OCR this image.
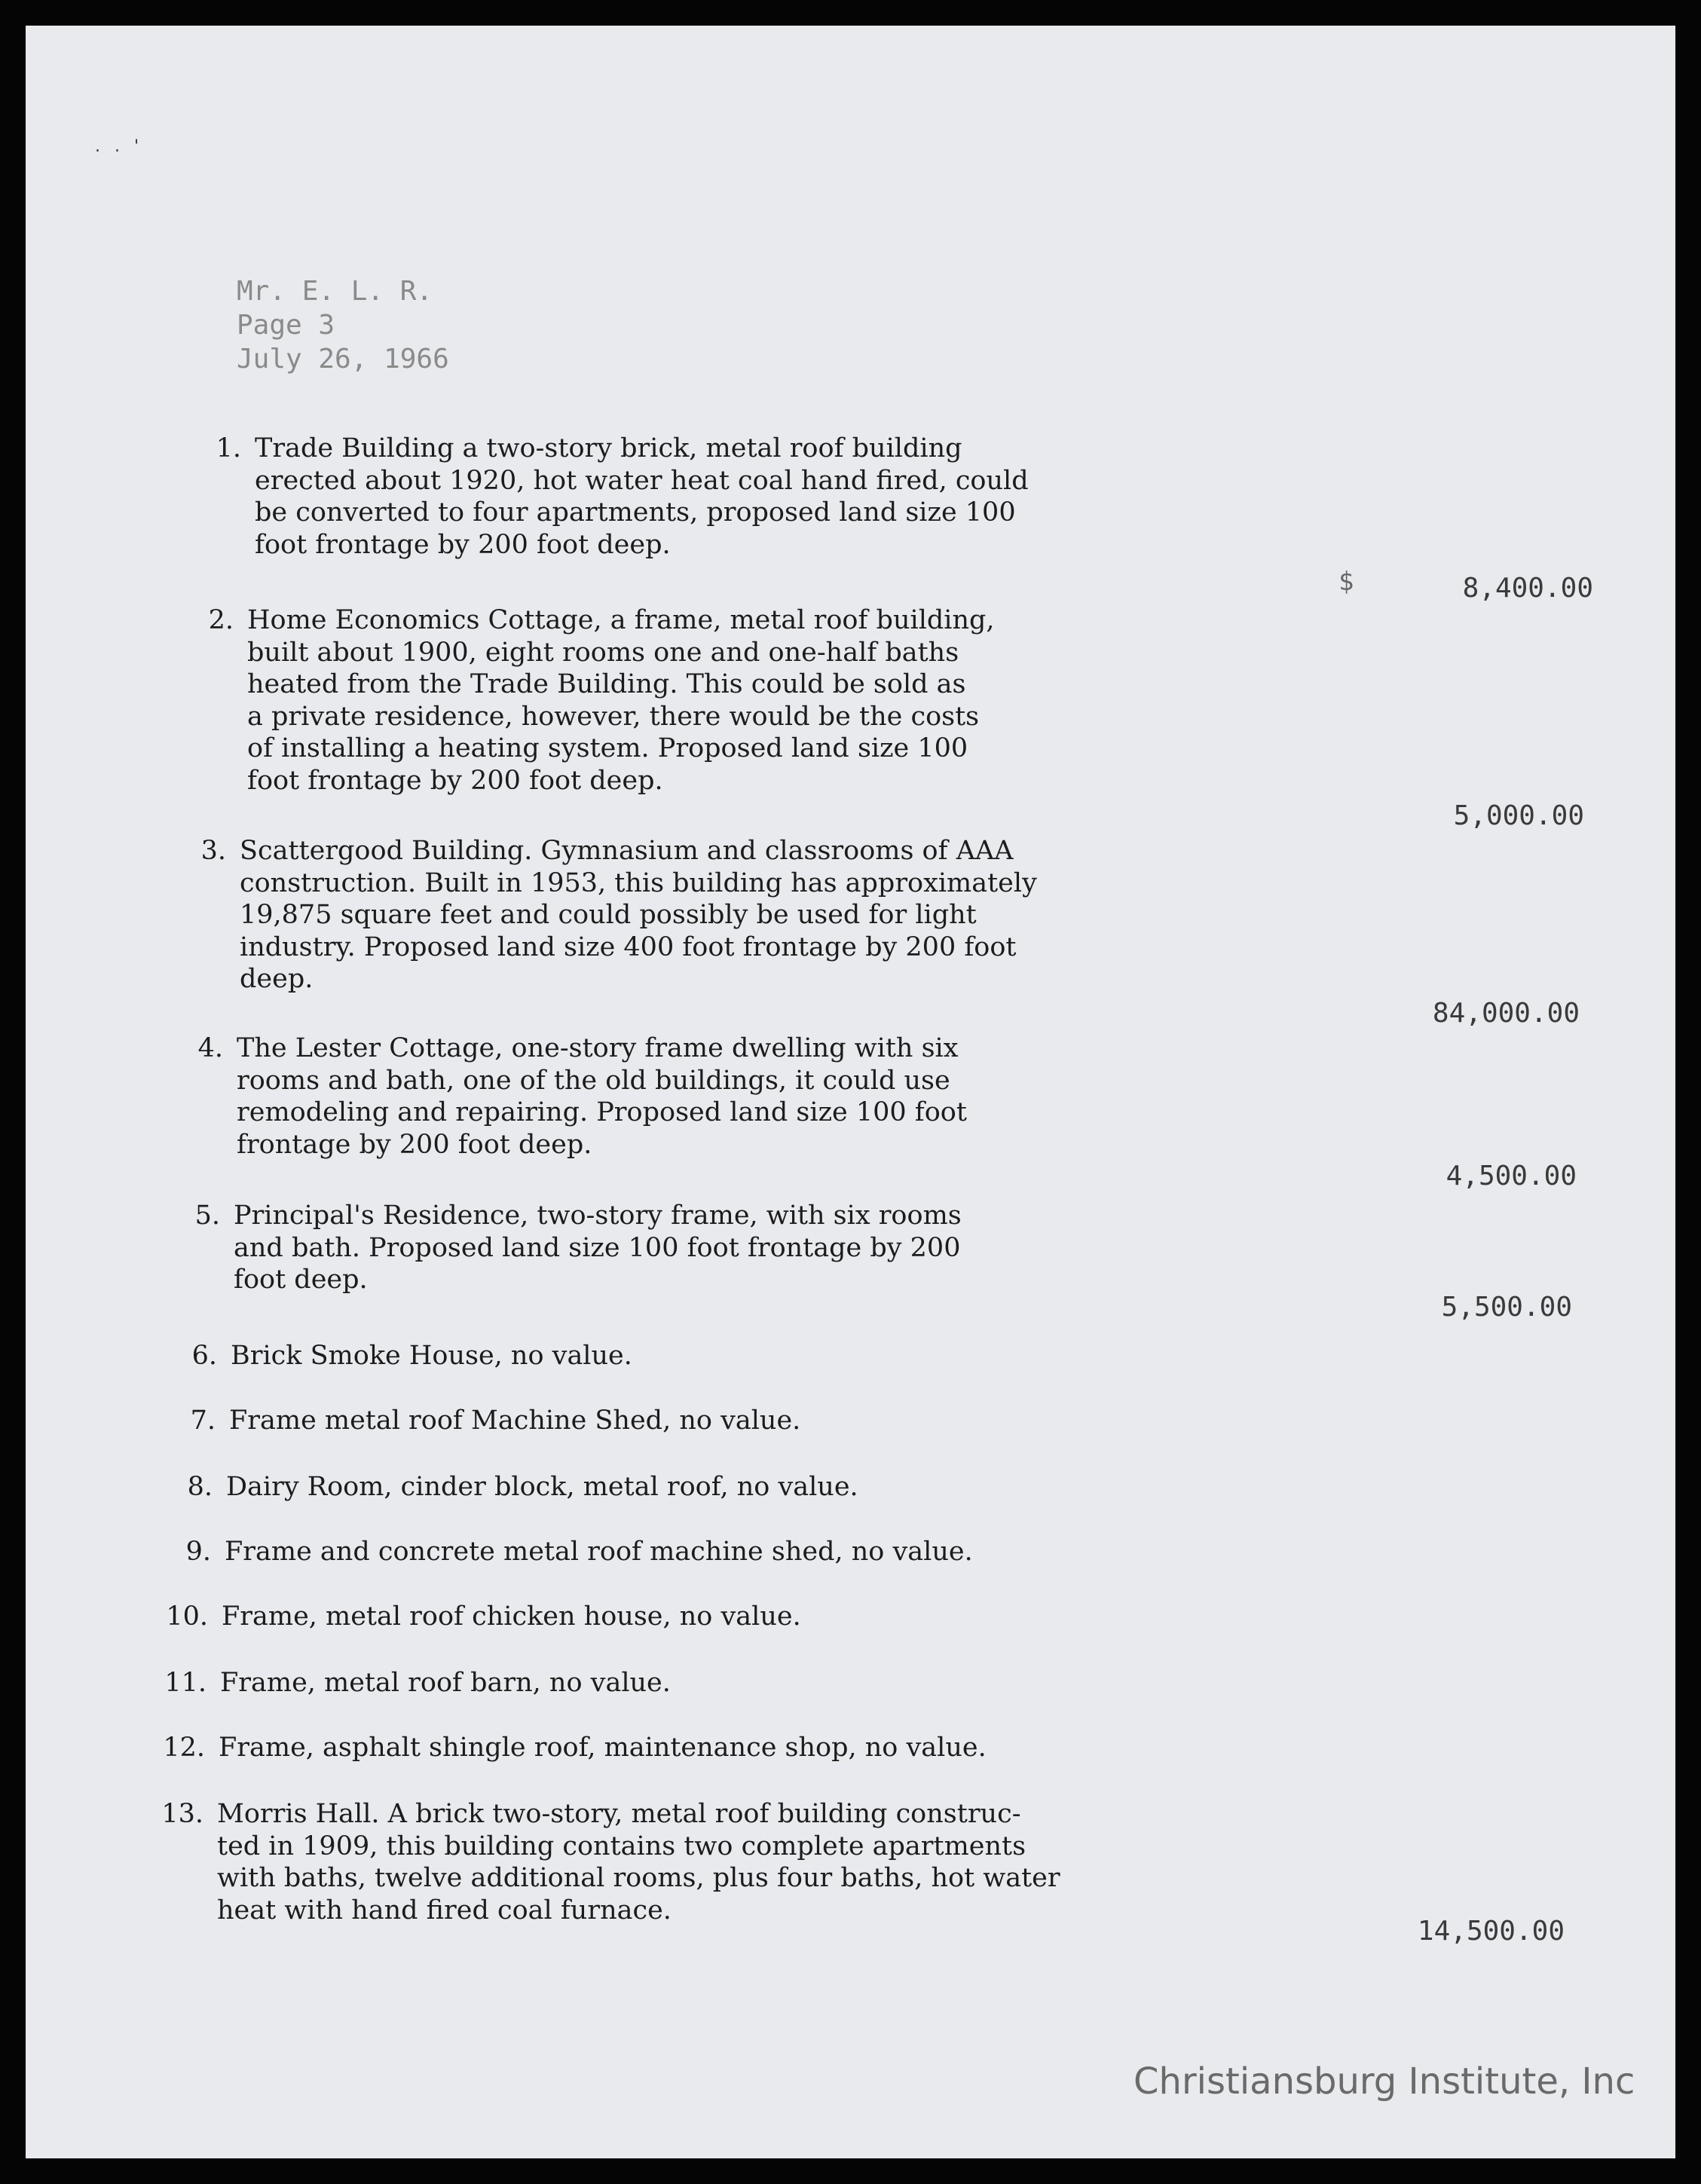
. . '
Mr. E. L. R.
Page 3
July 26, 1966
1. Trade Building a two-story brick, metal roof building
erected about 1920, hot water heat coal hand fired, could
be converted to four apartments, proposed land size 100
foot frontage by 200 foot deep.
$	8,400.00
2. Home Economics Cottage, a frame, metal roof building,
built about 1900, eight rooms one and one-half baths
heated from the Trade Building. This could be sold as
a private residence, however, there would be the costs
of installing a heating system. Proposed land size 100
foot frontage by 200 foot deep.
5,000.00
3. Scattergood Building. Gymnasium and classrooms of AAA
construction. Built in 1953, this building has approximately
19,875 square feet and could possibly be used for light
industry. Proposed land size 400 foot frontage by 200 foot
deep.
84,000.00
4. The Lester Cottage, one-story frame dwelling with six
rooms and bath, one of the old buildings, it could use
remodeling and repairing. Proposed land size 100 foot
frontage by 200 foot deep.
4,500.00
5. Principal's Residence, two-story frame, with six rooms
and bath. Proposed land size 100 foot frontage by 200
foot deep.
5,500.00
6. Brick Smoke House, no value.
7. Frame metal roof Machine Shed, no value.
8. Dairy Room, cinder block, metal roof, no value.
9. Frame and concrete metal roof machine shed, no value.
10. Frame, metal roof chicken house, no value.
11. Frame, metal roof barn, no value.
12. Frame, asphalt shingle roof, maintenance shop, no value.
13. Morris Hall. A brick two-story, metal roof building construc-
ted in 1909, this building contains two complete apartments
with baths, twelve additional rooms, plus four baths, hot water
heat with hand fired coal furnace.
14,500.00
Christiansburg Institute, Inc
